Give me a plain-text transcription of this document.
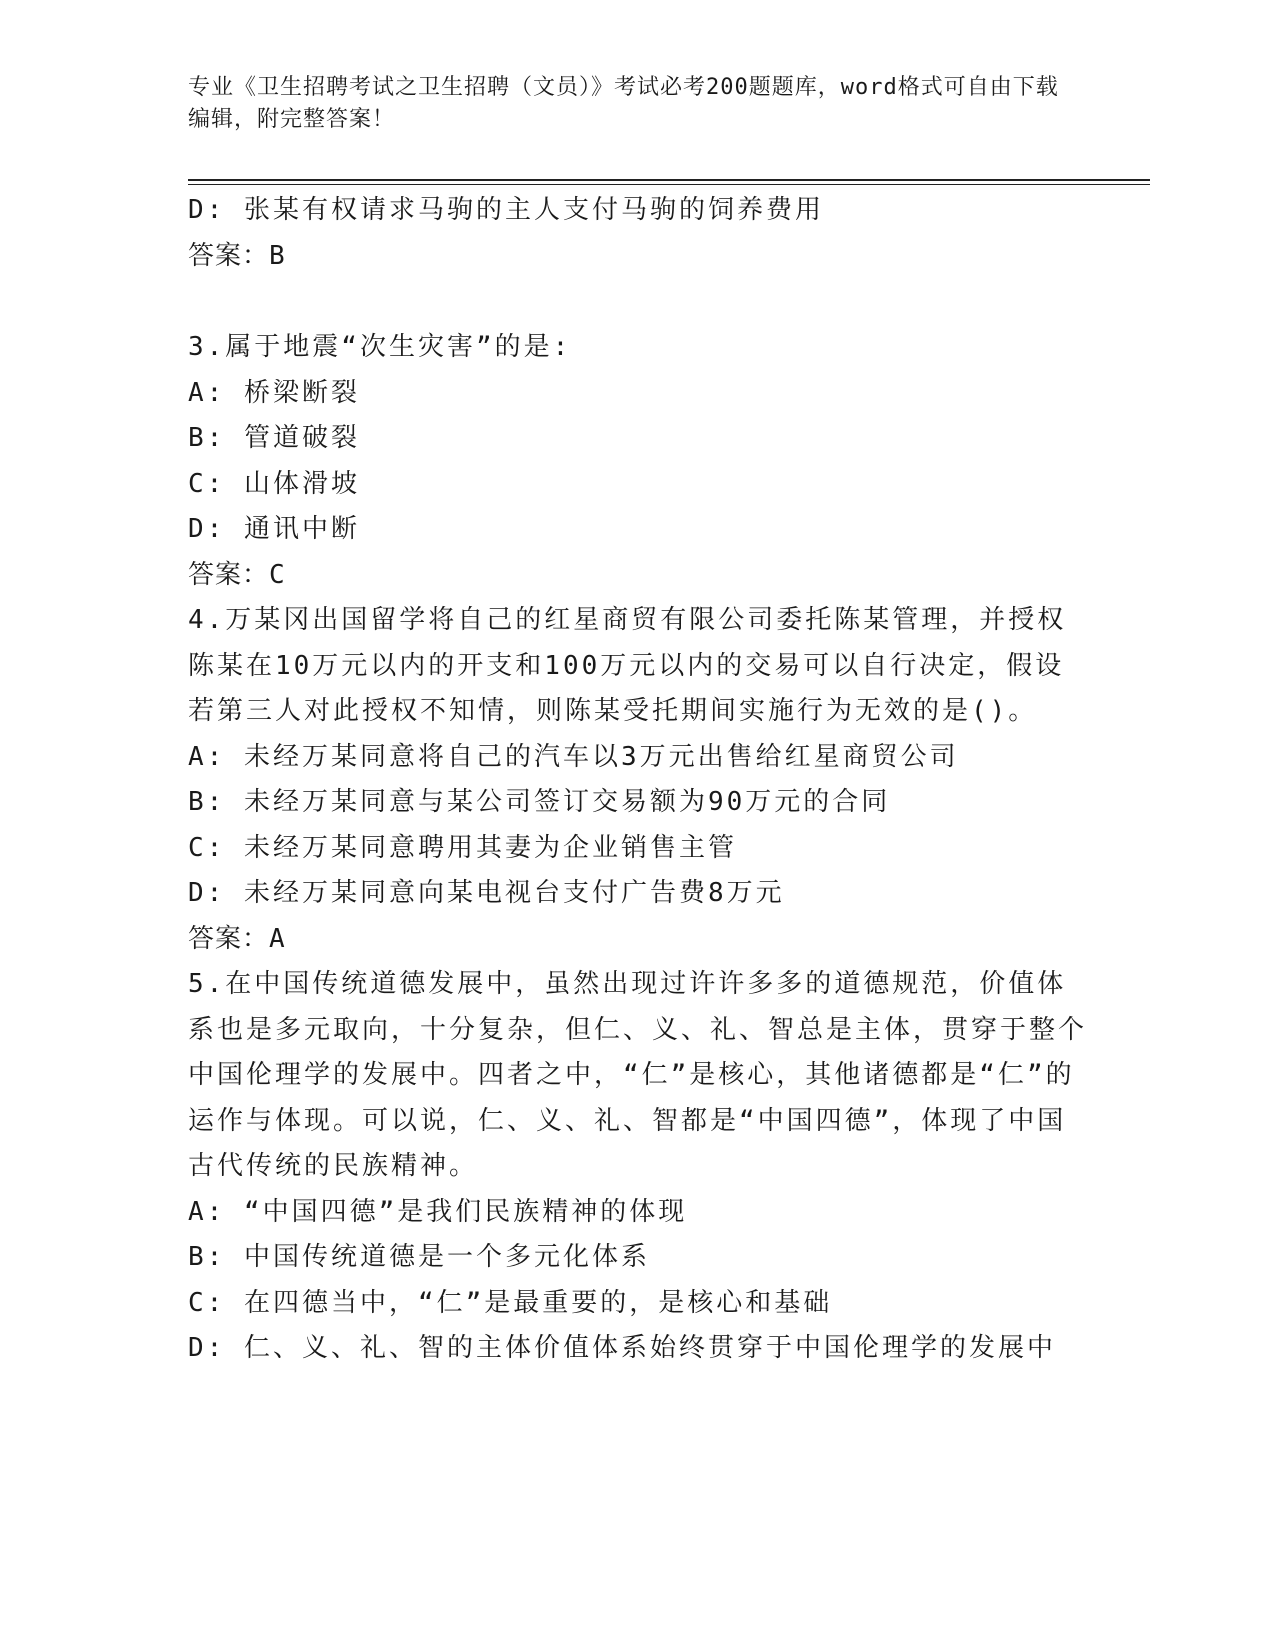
专业《卫生招聘考试之卫生招聘（文员）》考试必考200题题库，word格式可自由下载编辑，附完整答案！

D: 张某有权请求马驹的主人支付马驹的饲养费用

答案：B

3.属于地震“次生灾害”的是:

A: 桥梁断裂

B: 管道破裂

C: 山体滑坡

D: 通讯中断

答案：C

4.万某冈出国留学将自己的红星商贸有限公司委托陈某管理，并授权陈某在10万元以内的开支和100万元以内的交易可以自行决定，假设若第三人对此授权不知情，则陈某受托期间实施行为无效的是()。

A: 未经万某同意将自己的汽车以3万元出售给红星商贸公司

B: 未经万某同意与某公司签订交易额为90万元的合同

C: 未经万某同意聘用其妻为企业销售主管

D: 未经万某同意向某电视台支付广告费8万元

答案：A

5.在中国传统道德发展中，虽然出现过许许多多的道德规范，价值体系也是多元取向，十分复杂，但仁、义、礼、智总是主体，贯穿于整个中国伦理学的发展中。四者之中，“仁”是核心，其他诸德都是“仁”的运作与体现。可以说，仁、义、礼、智都是“中国四德”，体现了中国古代传统的民族精神。

A: “中国四德”是我们民族精神的体现

B: 中国传统道德是一个多元化体系

C: 在四德当中，“仁”是最重要的，是核心和基础

D: 仁、义、礼、智的主体价值体系始终贯穿于中国伦理学的发展中
